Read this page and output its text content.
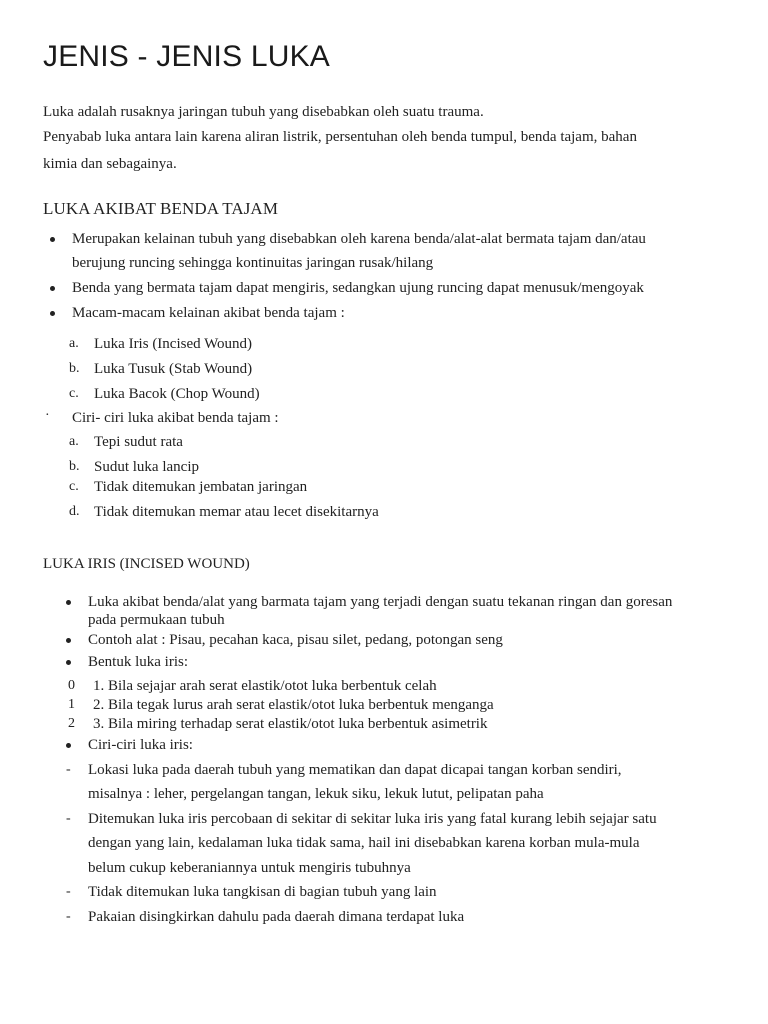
JENIS - JENIS LUKA

Luka adalah rusaknya jaringan tubuh yang disebabkan oleh suatu trauma.

Penyabab luka antara lain karena aliran listrik, persentuhan oleh benda tumpul, benda tajam, bahan

kimia dan sebagainya.

LUKA AKIBAT BENDA TAJAM
Merupakan kelainan tubuh yang disebabkan oleh karena benda/alat-alat bermata tajam dan/atau
berujung runcing sehingga kontinuitas jaringan rusak/hilang
Benda yang bermata tajam dapat mengiris, sedangkan ujung runcing dapat menusuk/mengoyak
Macam-macam kelainan akibat benda tajam :
a. Luka Iris (Incised Wound)
b. Luka Tusuk (Stab Wound)
c. Luka Bacok (Chop Wound)
· Ciri- ciri luka akibat benda tajam :
a. Tepi sudut rata
b. Sudut luka lancip
c. Tidak ditemukan jembatan jaringan
d. Tidak ditemukan memar atau lecet disekitarnya
LUKA IRIS (INCISED WOUND)
Luka akibat benda/alat yang barmata tajam yang terjadi dengan suatu tekanan ringan dan goresan
pada permukaan tubuh
Contoh alat : Pisau, pecahan kaca, pisau silet, pedang, potongan seng
Bentuk luka iris:
0 1. Bila sejajar arah serat elastik/otot luka berbentuk celah
1 2. Bila tegak lurus arah serat elastik/otot luka berbentuk menganga
2 3. Bila miring terhadap serat elastik/otot luka berbentuk asimetrik
Ciri-ciri luka iris:
- Lokasi luka pada daerah tubuh yang mematikan dan dapat dicapai tangan korban sendiri,
misalnya : leher, pergelangan tangan, lekuk siku, lekuk lutut, pelipatan paha
- Ditemukan luka iris percobaan di sekitar di sekitar luka iris yang fatal kurang lebih sejajar satu
dengan yang lain, kedalaman luka tidak sama, hail ini disebabkan karena korban mula-mula
belum cukup keberaniannya untuk mengiris tubuhnya
- Tidak ditemukan luka tangkisan di bagian tubuh yang lain
- Pakaian disingkirkan dahulu pada daerah dimana terdapat luka
